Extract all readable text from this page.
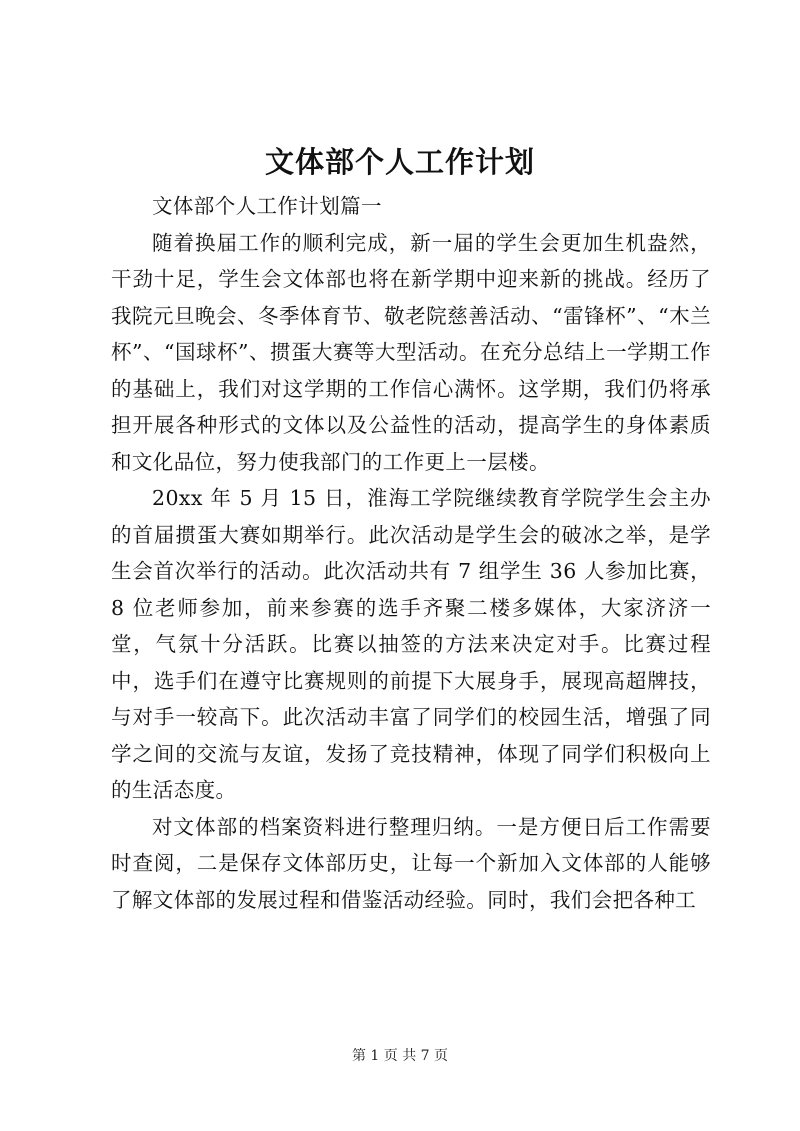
文体部个人工作计划

文体部个人工作计划篇一

随着换届工作的顺利完成，新一届的学生会更加生机盎然，干劲十足，学生会文体部也将在新学期中迎来新的挑战。经历了我院元旦晚会、冬季体育节、敬老院慈善活动、“雷锋杯”、“木兰杯”、“国球杯”、掼蛋大赛等大型活动。在充分总结上一学期工作的基础上，我们对这学期的工作信心满怀。这学期，我们仍将承担开展各种形式的文体以及公益性的活动，提高学生的身体素质和文化品位，努力使我部门的工作更上一层楼。

20xx 年 5 月 15 日，淮海工学院继续教育学院学生会主办的首届掼蛋大赛如期举行。此次活动是学生会的破冰之举，是学生会首次举行的活动。此次活动共有 7 组学生 36 人参加比赛，8 位老师参加，前来参赛的选手齐聚二楼多媒体，大家济济一堂，气氛十分活跃。比赛以抽签的方法来决定对手。比赛过程中，选手们在遵守比赛规则的前提下大展身手，展现高超牌技，与对手一较高下。此次活动丰富了同学们的校园生活，增强了同学之间的交流与友谊，发扬了竞技精神，体现了同学们积极向上的生活态度。

对文体部的档案资料进行整理归纳。一是方便日后工作需要时查阅，二是保存文体部历史，让每一个新加入文体部的人能够了解文体部的发展过程和借鉴活动经验。同时，我们会把各种工

第 1 页 共 7 页
